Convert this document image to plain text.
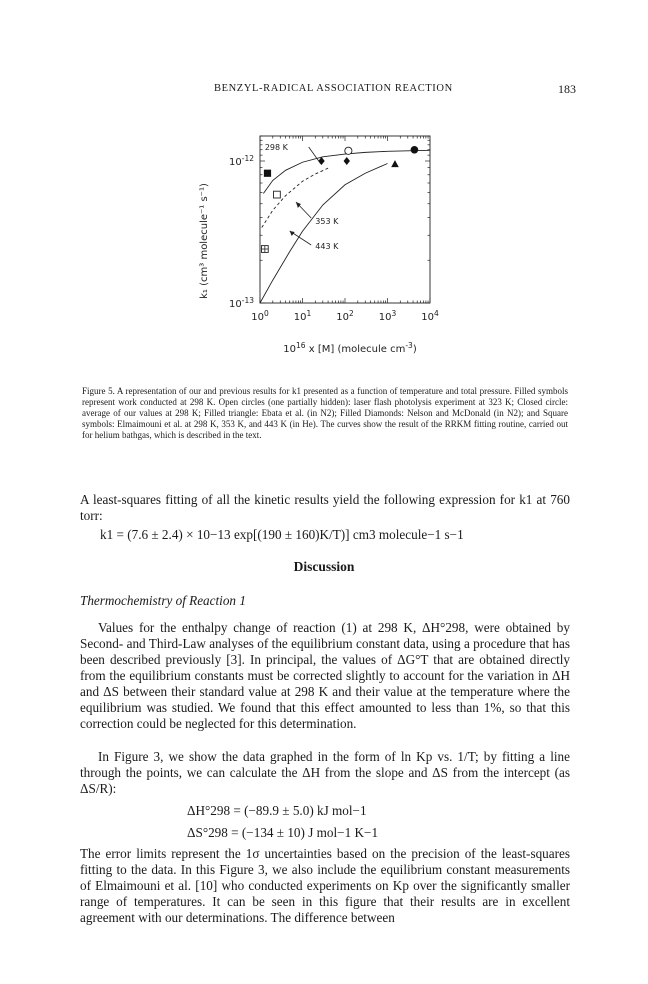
BENZYL-RADICAL ASSOCIATION REACTION	183
k₁ (cm³ molecule⁻¹ s⁻¹)
298 K
353 K
443 K
$10^0$ $10^1$ $10^2$ $10^3$ $10^4$
$10^{-12}$
$10^{-13}$
$10^{16}$ x [M] (molecule $cm^{-3}$)
Figure 5. A representation of our and previous results for k1 presented as a function of temperature and total pressure. Filled symbols represent work conducted at 298 K. Open circles (one partially hidden): laser flash photolysis experiment at 323 K; Closed circle: average of our values at 298 K; Filled triangle: Ebata et al. (in N2); Filled Diamonds: Nelson and McDonald (in N2); and Square symbols: Elmaimouni et al. at 298 K, 353 K, and 443 K (in He). The curves show the result of the RRKM fitting routine, carried out for helium bathgas, which is described in the text.
A least-squares fitting of all the kinetic results yield the following expression for k1 at 760 torr:
k1 = (7.6 ± 2.4) × 10−13 exp[(190 ± 160)K/T)] cm3 molecule−1 s−1
Discussion
Thermochemistry of Reaction 1

Values for the enthalpy change of reaction (1) at 298 K, ΔH°298, were obtained by Second- and Third-Law analyses of the equilibrium constant data, using a procedure that has been described previously [3]. In principal, the values of ΔG°T that are obtained directly from the equilibrium constants must be corrected slightly to account for the variation in ΔH and ΔS between their standard value at 298 K and their value at the temperature where the equilibrium was studied. We found that this effect amounted to less than 1%, so that this correction could be neglected for this determination.

In Figure 3, we show the data graphed in the form of ln Kp vs. 1/T; by fitting a line through the points, we can calculate the ΔH from the slope and ΔS from the intercept (as ΔS/R):

ΔH°298 = (−89.9 ± 5.0) kJ mol−1
ΔS°298 = (−134 ± 10) J mol−1 K−1

The error limits represent the 1σ uncertainties based on the precision of the least-squares fitting to the data. In this Figure 3, we also include the equilibrium constant measurements of Elmaimouni et al. [10] who conducted experiments on Kp over the significantly smaller range of temperatures. It can be seen in this figure that their results are in excellent agreement with our determinations. The difference between
